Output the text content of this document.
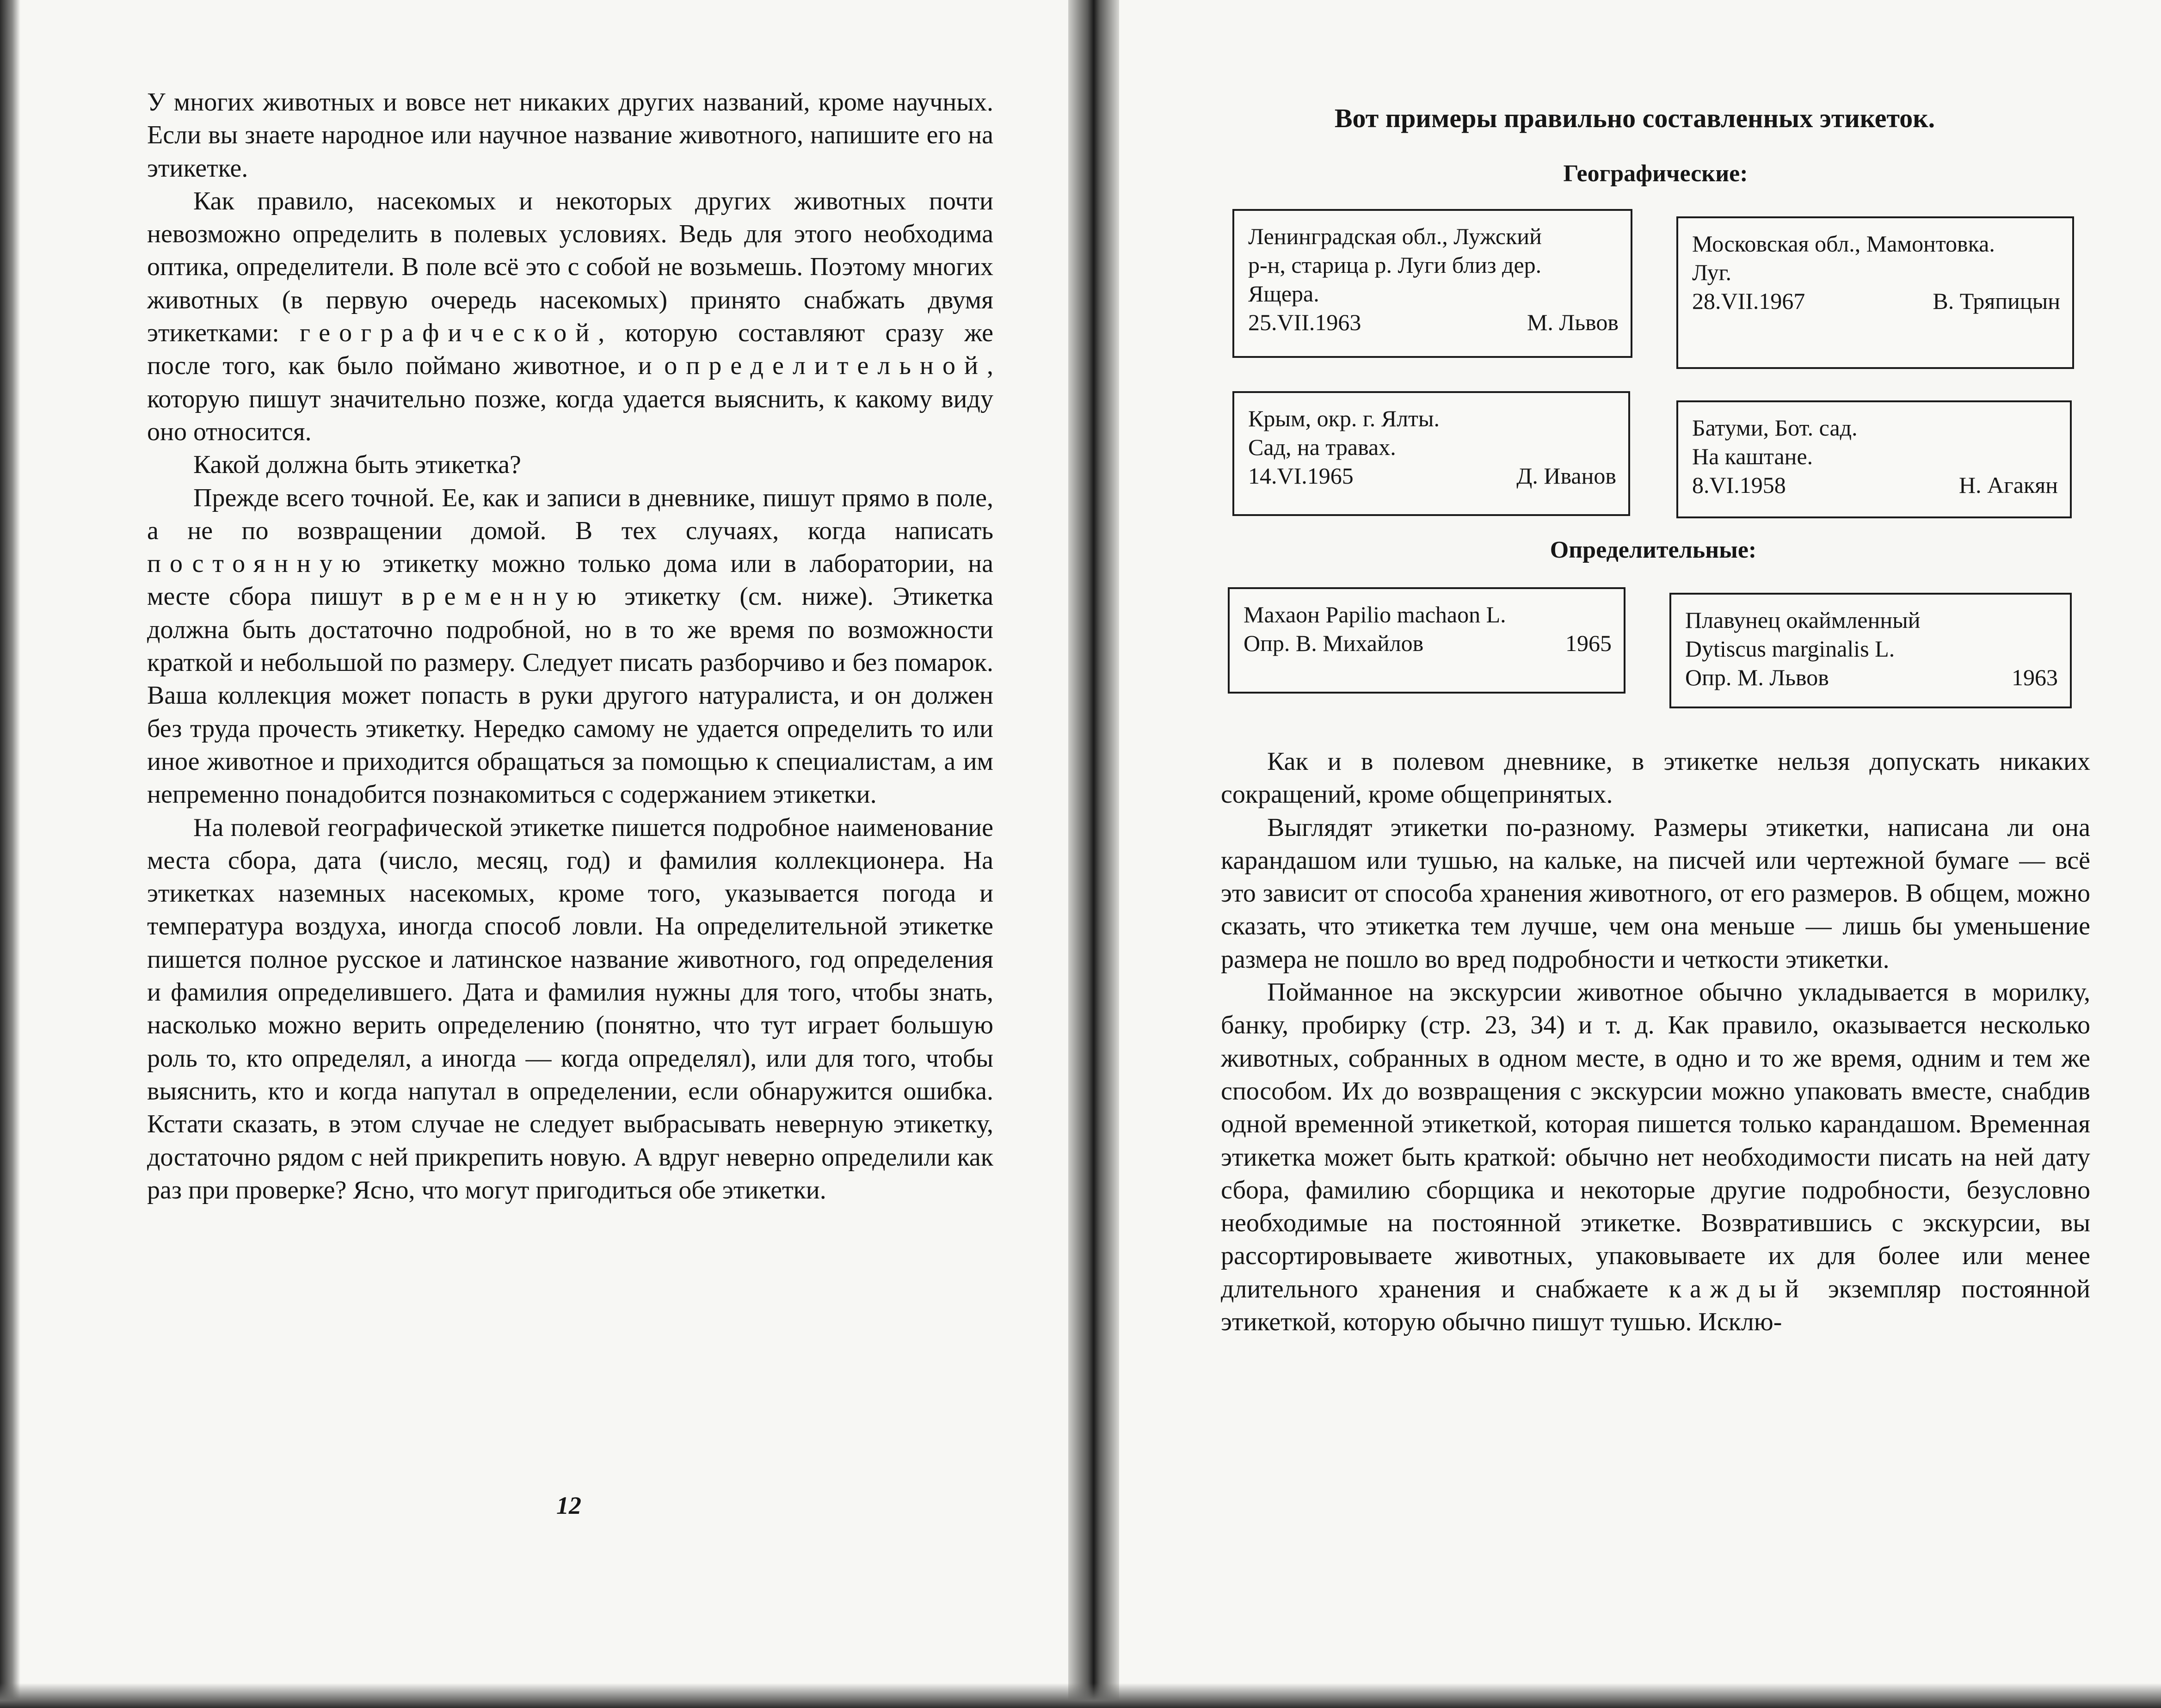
У многих животных и вовсе нет никаких других названий, кроме научных. Если вы знаете народное или научное название животного, напишите его на этикетке.

Как правило, насекомых и некоторых других животных почти невозможно определить в полевых условиях. Ведь для этого необходима оптика, определители. В поле всё это с собой не возьмешь. Поэтому многих животных (в первую очередь насекомых) принято снабжать двумя этикетками: географической, которую составляют сразу же после того, как было поймано животное, и определительной, которую пишут значительно позже, когда удается выяснить, к какому виду оно относится.

Какой должна быть этикетка?

Прежде всего точной. Ее, как и записи в дневнике, пишут прямо в поле, а не по возвращении домой. В тех случаях, когда написать постоянную этикетку можно только дома или в лаборатории, на месте сбора пишут временную этикетку (см. ниже). Этикетка должна быть достаточно подробной, но в то же время по возможности краткой и небольшой по размеру. Следует писать разборчиво и без помарок. Ваша коллекция может попасть в руки другого натуралиста, и он должен без труда прочесть этикетку. Нередко самому не удается определить то или иное животное и приходится обращаться за помощью к специалистам, а им непременно понадобится познакомиться с содержанием этикетки.

На полевой географической этикетке пишется подробное наименование места сбора, дата (число, месяц, год) и фамилия коллекционера. На этикетках наземных насекомых, кроме того, указывается погода и температура воздуха, иногда способ ловли. На определительной этикетке пишется полное русское и латинское название животного, год определения и фамилия определившего. Дата и фамилия нужны для того, чтобы знать, насколько можно верить определению (понятно, что тут играет большую роль то, кто определял, а иногда — когда определял), или для того, чтобы выяснить, кто и когда напутал в определении, если обнаружится ошибка. Кстати сказать, в этом случае не следует выбрасывать неверную этикетку, достаточно рядом с ней прикрепить новую. А вдруг неверно определили как раз при проверке? Ясно, что могут пригодиться обе этикетки.

12

Как и в полевом дневнике, в этикетке нельзя допускать никаких сокращений, кроме общепринятых.

Выглядят этикетки по-разному. Размеры этикетки, написана ли она карандашом или тушью, на кальке, на писчей или чертежной бумаге — всё это зависит от способа хранения животного, от его размеров. В общем, можно сказать, что этикетка тем лучше, чем она меньше — лишь бы уменьшение размера не пошло во вред подробности и четкости этикетки.

Пойманное на экскурсии животное обычно укладывается в морилку, банку, пробирку (стр. 23, 34) и т. д. Как правило, оказывается несколько животных, собранных в одном месте, в одно и то же время, одним и тем же способом. Их до возвращения с экскурсии можно упаковать вместе, снабдив одной временной этикеткой, которая пишется только карандашом. Временная этикетка может быть краткой: обычно нет необходимости писать на ней дату сбора, фамилию сборщика и некоторые другие подробности, безусловно необходимые на постоянной этикетке. Возвратившись с экскурсии, вы рассортировываете животных, упаковываете их для более или менее длительного хранения и снабжаете каждый экземпляр постоянной этикеткой, которую обычно пишут тушью. Исклю-

Вот примеры правильно составленных этикеток.
Географические:
Определительные:
Ленинградская обл., Лужский
р-н, старица р. Луги близ дер.
Ящера.
25.VII.1963	М. Львов
Московская обл., Мамонтовка.
Луг.
28.VII.1967	В. Тряпицын
Крым, окр. г. Ялты.
Сад, на травах.
14.VI.1965	Д. Иванов
Батуми, Бот. сад.
На каштане.
8.VI.1958	Н. Агакян
Махаон Papilio machaon L.
Опр. В. Михайлов	1965
Плавунец окаймленный
Dytiscus marginalis L.
Опр. М. Львов	1963
